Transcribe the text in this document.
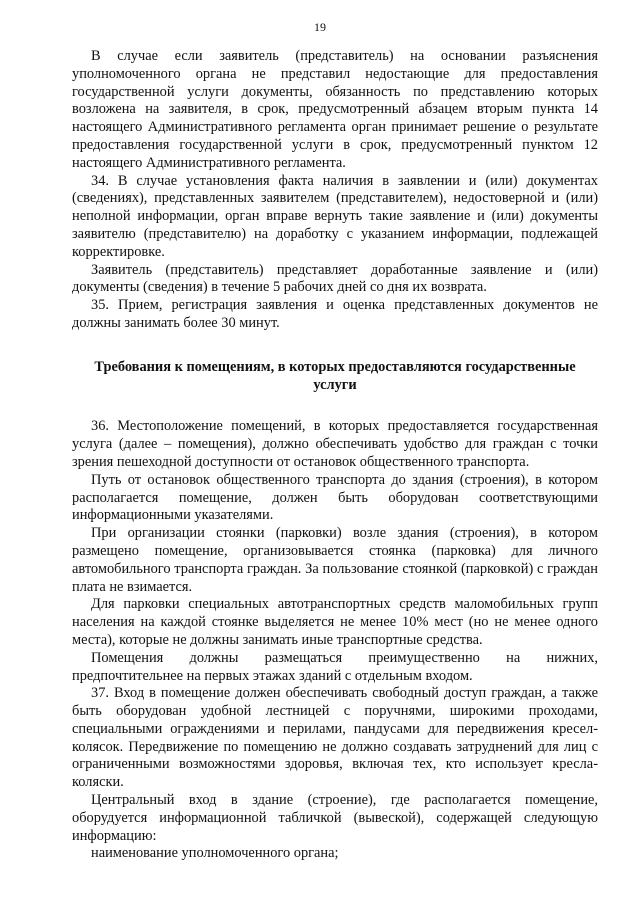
19

В случае если заявитель (представитель) на основании разъяснения уполномоченного органа не представил недостающие для предоставления государственной услуги документы, обязанность по представлению которых возложена на заявителя, в срок, предусмотренный абзацем вторым пункта 14 настоящего Административного регламента орган принимает решение о результате предоставления государственной услуги в срок, предусмотренный пунктом 12 настоящего Административного регламента.

34. В случае установления факта наличия в заявлении и (или) документах (сведениях), представленных заявителем (представителем), недостоверной и (или) неполной информации, орган вправе вернуть такие заявление и (или) документы заявителю (представителю) на доработку с указанием информации, подлежащей корректировке.

Заявитель (представитель) представляет доработанные заявление и (или) документы (сведения) в течение 5 рабочих дней со дня их возврата.

35. Прием, регистрация заявления и оценка представленных документов не должны занимать более 30 минут.

Требования к помещениям, в которых предоставляются государственные услуги

36. Местоположение помещений, в которых предоставляется государственная услуга (далее – помещения), должно обеспечивать удобство для граждан с точки зрения пешеходной доступности от остановок общественного транспорта.

Путь от остановок общественного транспорта до здания (строения), в котором располагается помещение, должен быть оборудован соответствующими информационными указателями.

При организации стоянки (парковки) возле здания (строения), в котором размещено помещение, организовывается стоянка (парковка) для личного автомобильного транспорта граждан. За пользование стоянкой (парковкой) с граждан плата не взимается.

Для парковки специальных автотранспортных средств маломобильных групп населения на каждой стоянке выделяется не менее 10% мест (но не менее одного места), которые не должны занимать иные транспортные средства.

Помещения должны размещаться преимущественно на нижних, предпочтительнее на первых этажах зданий с отдельным входом.

37. Вход в помещение должен обеспечивать свободный доступ граждан, а также быть оборудован удобной лестницей с поручнями, широкими проходами, специальными ограждениями и перилами, пандусами для передвижения кресел-колясок. Передвижение по помещению не должно создавать затруднений для лиц с ограниченными возможностями здоровья, включая тех, кто использует кресла-коляски.

Центральный вход в здание (строение), где располагается помещение, оборудуется информационной табличкой (вывеской), содержащей следующую информацию:

наименование уполномоченного органа;
